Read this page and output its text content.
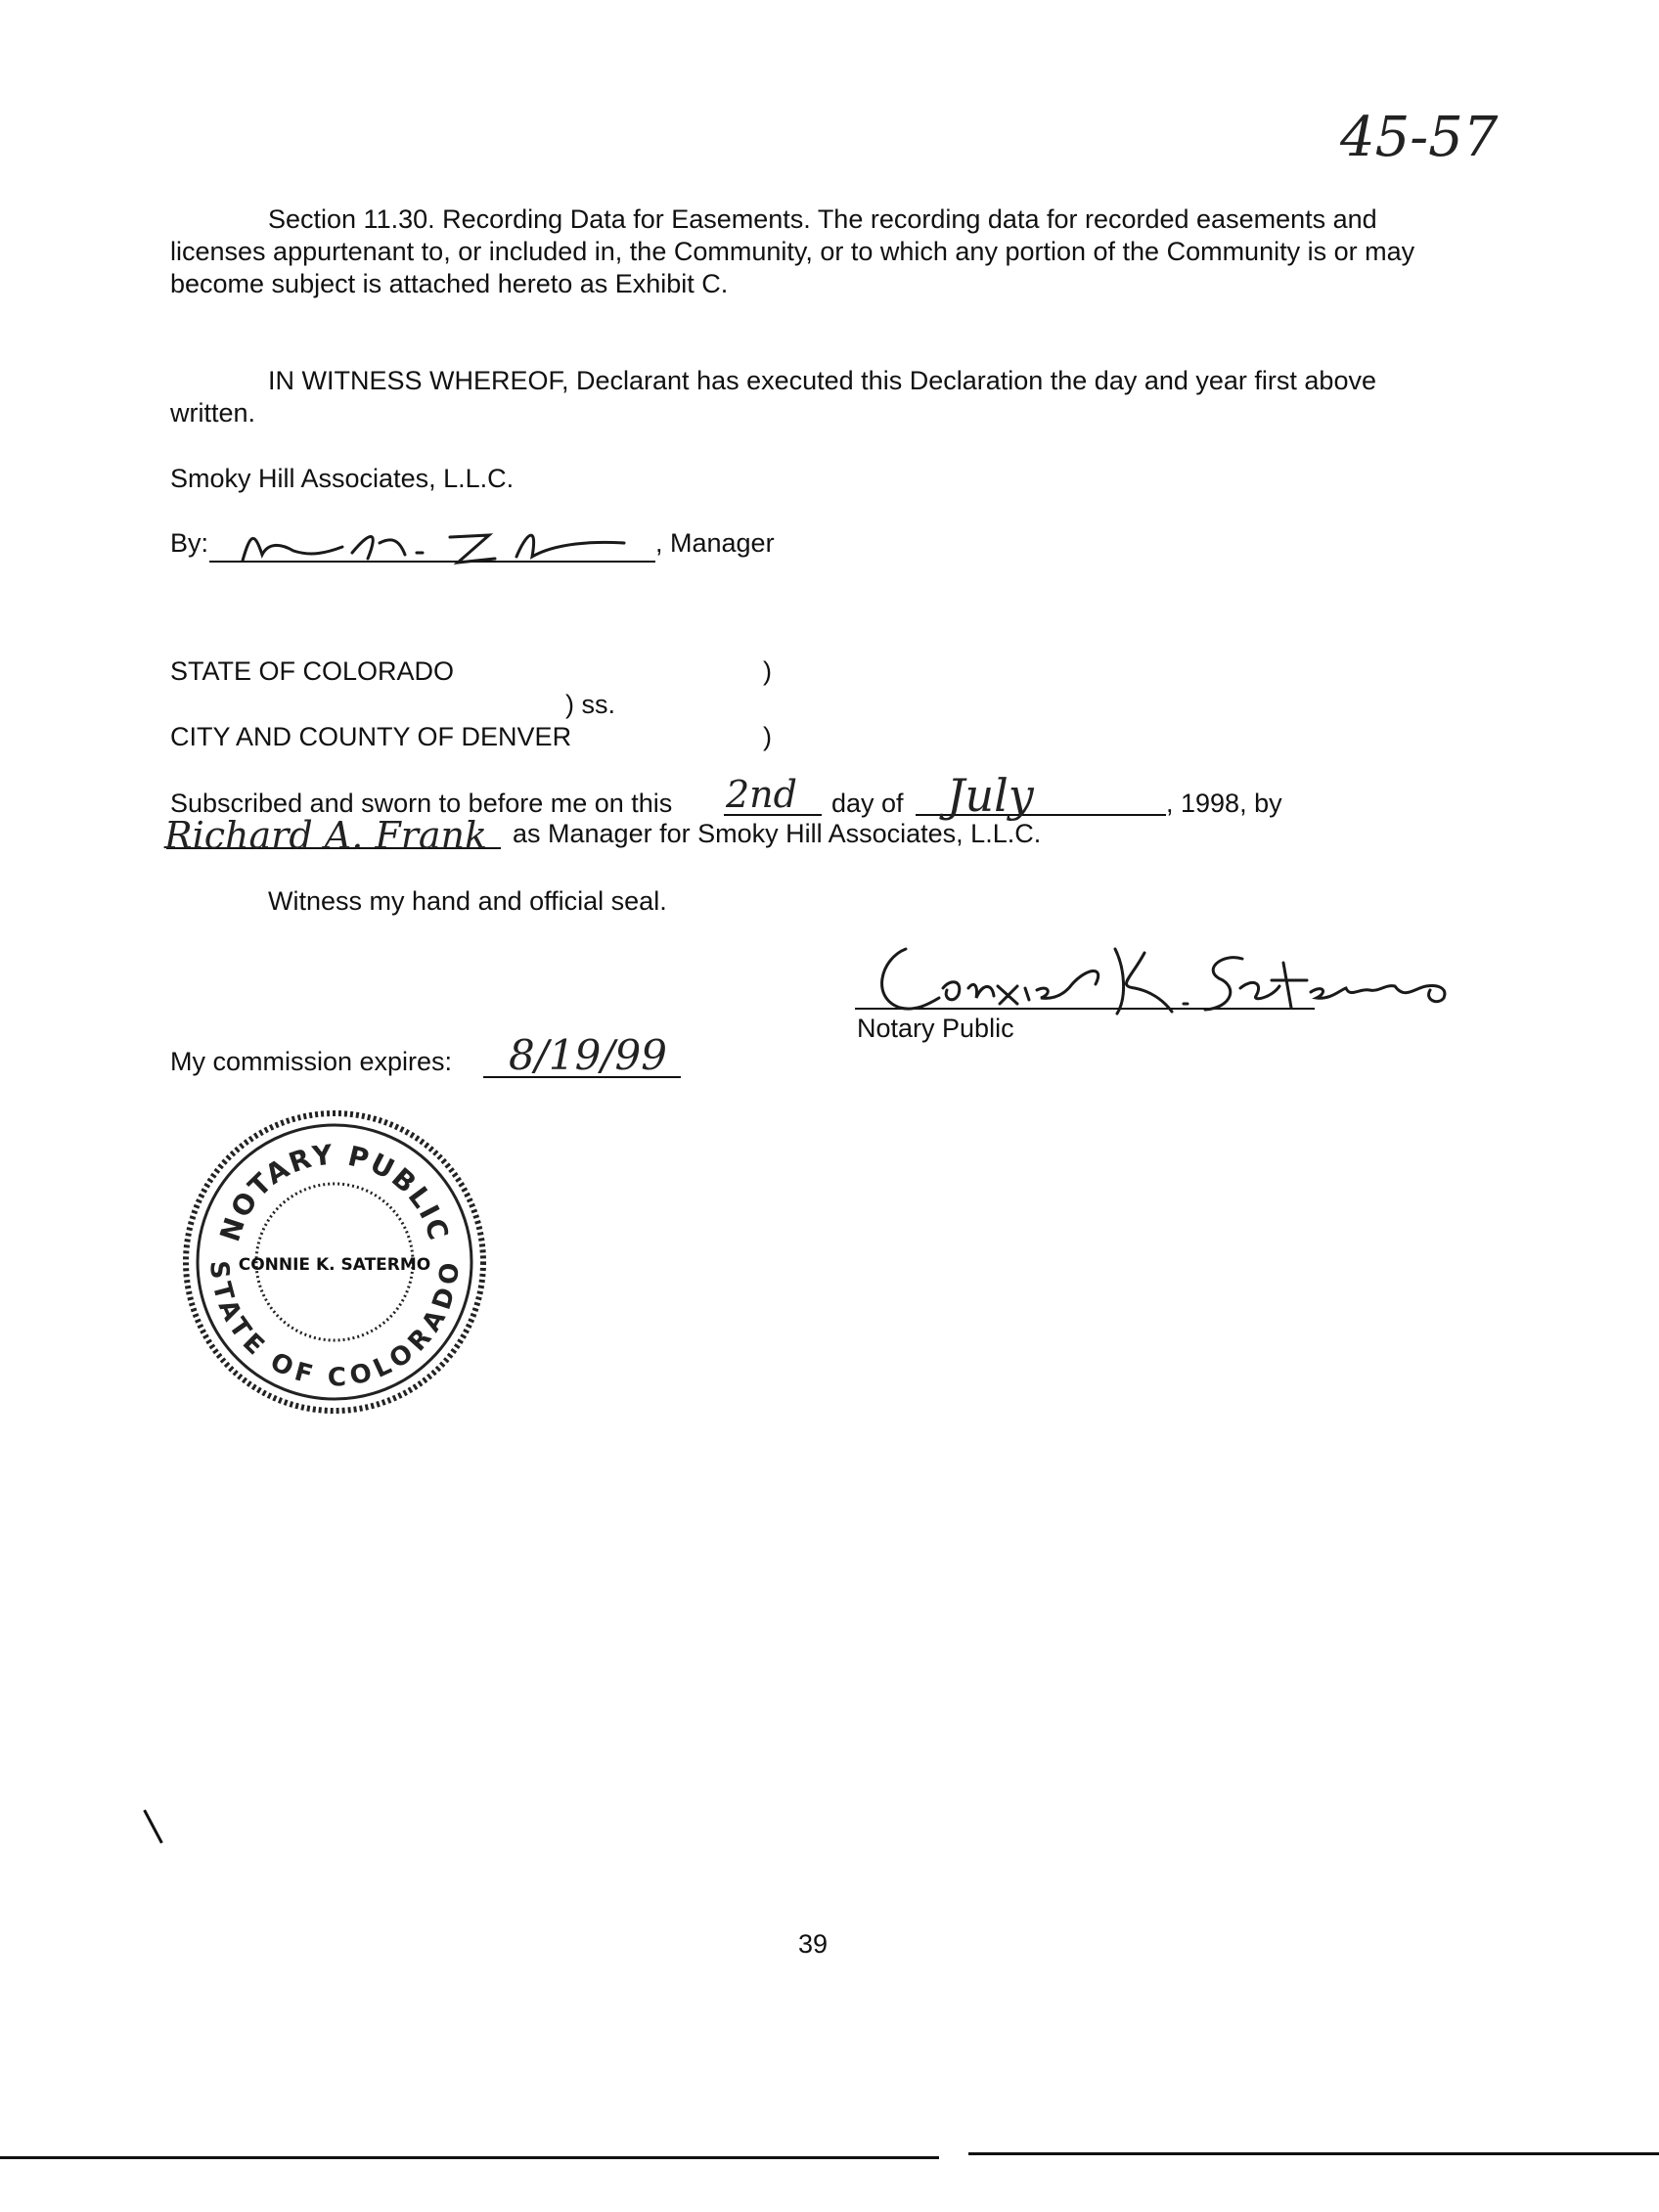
45-57
Section 11.30. Recording Data for Easements. The recording data for recorded easements and licenses appurtenant to, or included in, the Community, or to which any portion of the Community is or may become subject is attached hereto as Exhibit C.
IN WITNESS WHEREOF, Declarant has executed this Declaration the day and year first above written.
Smoky Hill Associates, L.L.C.
By:	, Manager
STATE OF COLORADO	)
) ss.
CITY AND COUNTY OF DENVER	)
Subscribed and sworn to before me on this 2nd day of July	, 1998, by
Richard A. Frank as Manager for Smoky Hill Associates, L.L.C.
Witness my hand and official seal.
Notary Public
My commission expires: 8/19/99
NOTARY PUBLIC
STATE OF COLORADO
CONNIE K. SATERMO
39
